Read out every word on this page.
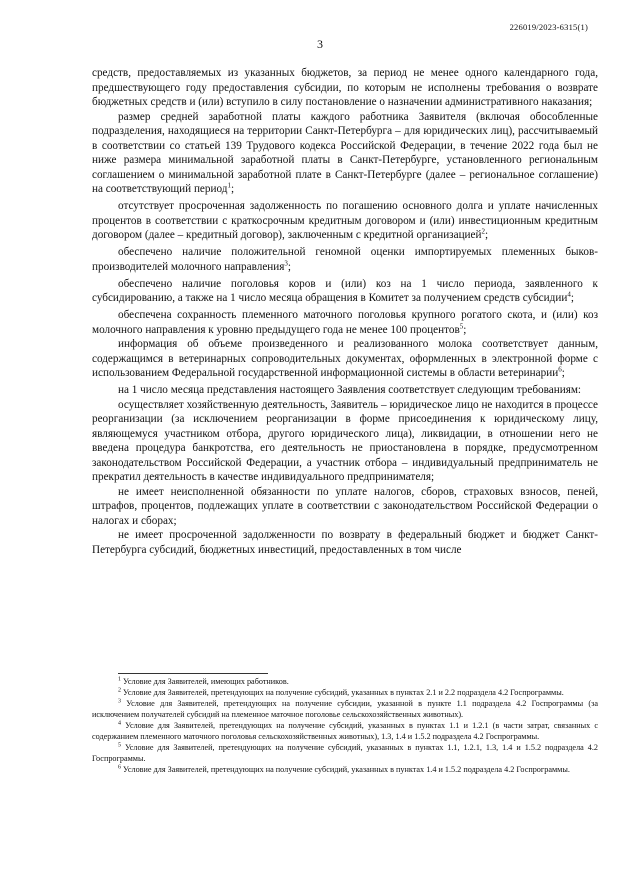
226019/2023-6315(1)
3

средств, предоставляемых из указанных бюджетов, за период не менее одного календарного года, предшествующего году предоставления субсидии, по которым не исполнены требования о возврате бюджетных средств и (или) вступило в силу постановление о назначении административного наказания;

размер средней заработной платы каждого работника Заявителя (включая обособленные подразделения, находящиеся на территории Санкт-Петербурга – для юридических лиц), рассчитываемый в соответствии со статьей 139 Трудового кодекса Российской Федерации, в течение 2022 года был не ниже размера минимальной заработной платы в Санкт-Петербурге, установленного региональным соглашением о минимальной заработной плате в Санкт-Петербурге (далее – региональное соглашение) на соответствующий период$^1$;

отсутствует просроченная задолженность по погашению основного долга и уплате начисленных процентов в соответствии с краткосрочным кредитным договором и (или) инвестиционным кредитным договором (далее – кредитный договор), заключенным с кредитной организацией$^2$;

обеспечено наличие положительной геномной оценки импортируемых племенных быков-производителей молочного направления$^3$;

обеспечено наличие поголовья коров и (или) коз на 1 число периода, заявленного к субсидированию, а также на 1 число месяца обращения в Комитет за получением средств субсидии$^4$;

обеспечена сохранность племенного маточного поголовья крупного рогатого скота, и (или) коз молочного направления к уровню предыдущего года не менее 100 процентов$^5$;

информация об объеме произведенного и реализованного молока соответствует данным, содержащимся в ветеринарных сопроводительных документах, оформленных в электронной форме с использованием Федеральной государственной информационной системы в области ветеринарии$^6$;

на 1 число месяца представления настоящего Заявления соответствует следующим требованиям:

осуществляет хозяйственную деятельность, Заявитель – юридическое лицо не находится в процессе реорганизации (за исключением реорганизации в форме присоединения к юридическому лицу, являющемуся участником отбора, другого юридического лица), ликвидации, в отношении него не введена процедура банкротства, его деятельность не приостановлена в порядке, предусмотренном законодательством Российской Федерации, а участник отбора – индивидуальный предприниматель не прекратил деятельность в качестве индивидуального предпринимателя;

не имеет неисполненной обязанности по уплате налогов, сборов, страховых взносов, пеней, штрафов, процентов, подлежащих уплате в соответствии с законодательством Российской Федерации о налогах и сборах;

не имеет просроченной задолженности по возврату в федеральный бюджет и бюджет Санкт-Петербурга субсидий, бюджетных инвестиций, предоставленных в том числе

$^1$ Условие для Заявителей, имеющих работников.

$^2$ Условие для Заявителей, претендующих на получение субсидий, указанных в пунктах 2.1 и 2.2 подраздела 4.2 Госпрограммы.

$^3$ Условие для Заявителей, претендующих на получение субсидии, указанной в пункте 1.1 подраздела 4.2 Госпрограммы (за исключением получателей субсидий на племенное маточное поголовье сельскохозяйственных животных).

$^4$ Условие для Заявителей, претендующих на получение субсидий, указанных в пунктах 1.1 и 1.2.1 (в части затрат, связанных с содержанием племенного маточного поголовья сельскохозяйственных животных), 1.3, 1.4 и 1.5.2 подраздела 4.2 Госпрограммы.

$^5$ Условие для Заявителей, претендующих на получение субсидий, указанных в пунктах 1.1, 1.2.1, 1.3, 1.4 и 1.5.2 подраздела 4.2 Госпрограммы.

$^6$ Условие для Заявителей, претендующих на получение субсидий, указанных в пунктах 1.4 и 1.5.2 подраздела 4.2 Госпрограммы.
